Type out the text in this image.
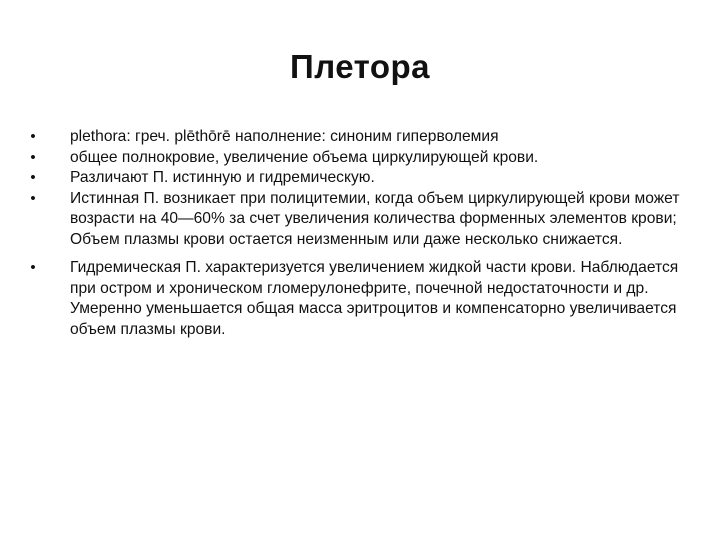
Плетора
• plethora: греч. plēthōrē наполнение: синоним гиперволемия
• общее полнокровие, увеличение объема циркулирующей крови.
• Различают П. истинную и гидремическую.
• Истинная П. возникает при полицитемии, когда объем циркулирующей крови может возрасти на 40—60% за счет увеличения количества форменных элементов крови; Объем плазмы крови остается неизменным или даже несколько снижается.
• Гидремическая П. характеризуется увеличением жидкой части крови. Наблюдается при остром и хроническом гломерулонефрите, почечной недостаточности и др. Умеренно уменьшается общая масса эритроцитов и компенсаторно увеличивается объем плазмы крови.
